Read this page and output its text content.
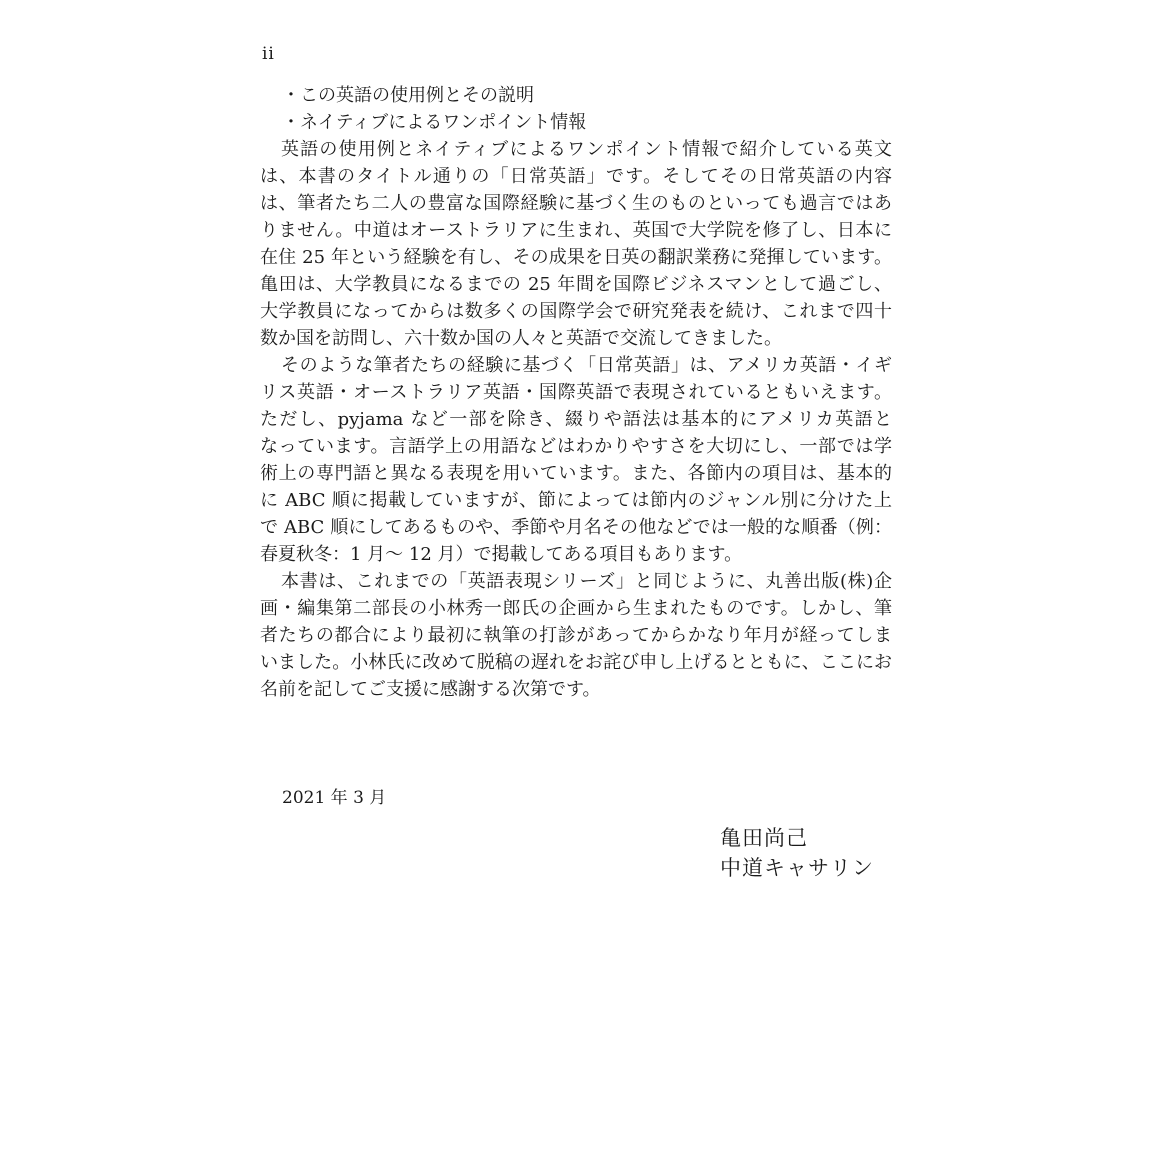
ii
・この英語の使用例とその説明
・ネイティブによるワンポイント情報
英語の使用例とネイティブによるワンポイント情報で紹介している英文
は、本書のタイトル通りの「日常英語」です。そしてその日常英語の内容
は、筆者たち二人の豊富な国際経験に基づく生のものといっても過言ではあ
りません。中道はオーストラリアに生まれ、英国で大学院を修了し、日本に
在住 25 年という経験を有し、その成果を日英の翻訳業務に発揮しています。
亀田は、大学教員になるまでの 25 年間を国際ビジネスマンとして過ごし、
大学教員になってからは数多くの国際学会で研究発表を続け、これまで四十
数か国を訪問し、六十数か国の人々と英語で交流してきました。
そのような筆者たちの経験に基づく「日常英語」は、アメリカ英語・イギ
リス英語・オーストラリア英語・国際英語で表現されているともいえます。
ただし、pyjama など一部を除き、綴りや語法は基本的にアメリカ英語と
なっています。言語学上の用語などはわかりやすさを大切にし、一部では学
術上の専門語と異なる表現を用いています。また、各節内の項目は、基本的
に ABC 順に掲載していますが、節によっては節内のジャンル別に分けた上
で ABC 順にしてあるものや、季節や月名その他などでは一般的な順番（例：
春夏秋冬：1 月～ 12 月）で掲載してある項目もあります。
本書は、これまでの「英語表現シリーズ」と同じように、丸善出版(株)企
画・編集第二部長の小林秀一郎氏の企画から生まれたものです。しかし、筆
者たちの都合により最初に執筆の打診があってからかなり年月が経ってしま
いました。小林氏に改めて脱稿の遅れをお詫び申し上げるとともに、ここにお
名前を記してご支援に感謝する次第です。
2021 年 3 月
亀田尚己
中道キャサリン
